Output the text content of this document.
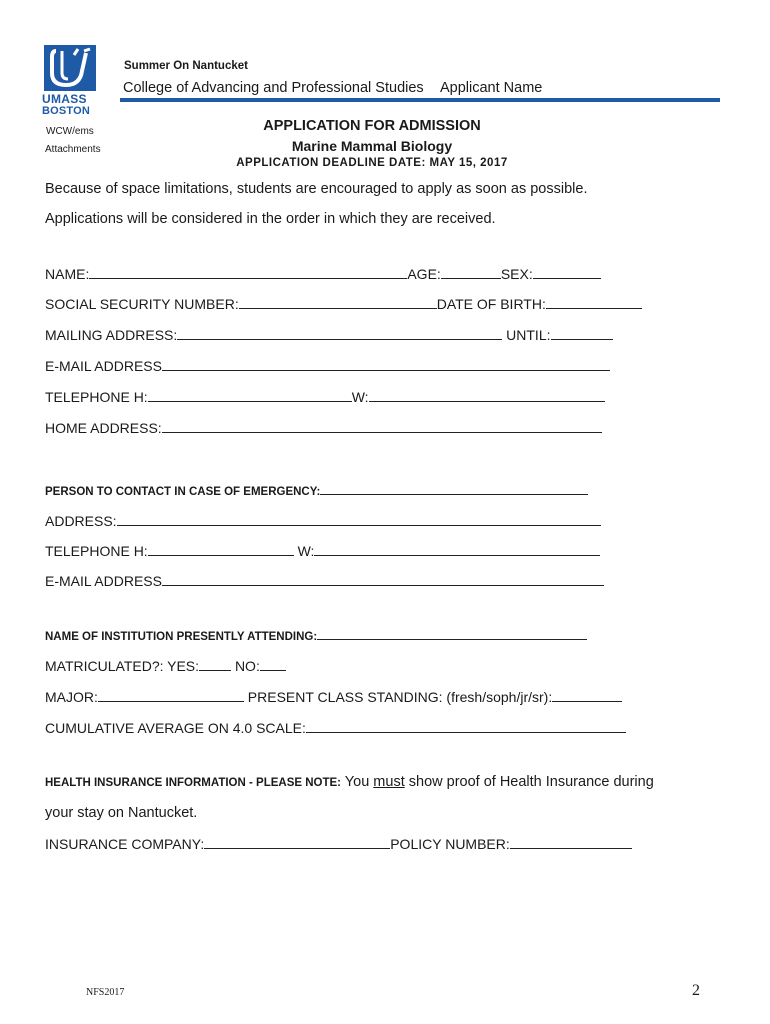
UMASS
BOSTON
Summer On Nantucket
College of Advancing and Professional Studies Applicant Name
WCW/ems
Attachments
APPLICATION FOR ADMISSION
Marine Mammal Biology
APPLICATION DEADLINE DATE: MAY 15, 2017
Because of space limitations, students are encouraged to apply as soon as possible.
Applications will be considered in the order in which they are received.
NAME:	AGE:	SEX:
SOCIAL SECURITY NUMBER:	DATE OF BIRTH:
MAILING ADDRESS:	UNTIL:
E-MAIL ADDRESS
TELEPHONE H:	W:
HOME ADDRESS:
PERSON TO CONTACT IN CASE OF EMERGENCY:
ADDRESS:
TELEPHONE H:	W:
E-MAIL ADDRESS
NAME OF INSTITUTION PRESENTLY ATTENDING:
MATRICULATED?: YES:	NO:
MAJOR:	PRESENT CLASS STANDING: (fresh/soph/jr/sr):
CUMULATIVE AVERAGE ON 4.0 SCALE:
HEALTH INSURANCE INFORMATION - PLEASE NOTE: You must show proof of Health Insurance during
your stay on Nantucket.
INSURANCE COMPANY:	POLICY NUMBER:
NFS2017	2
